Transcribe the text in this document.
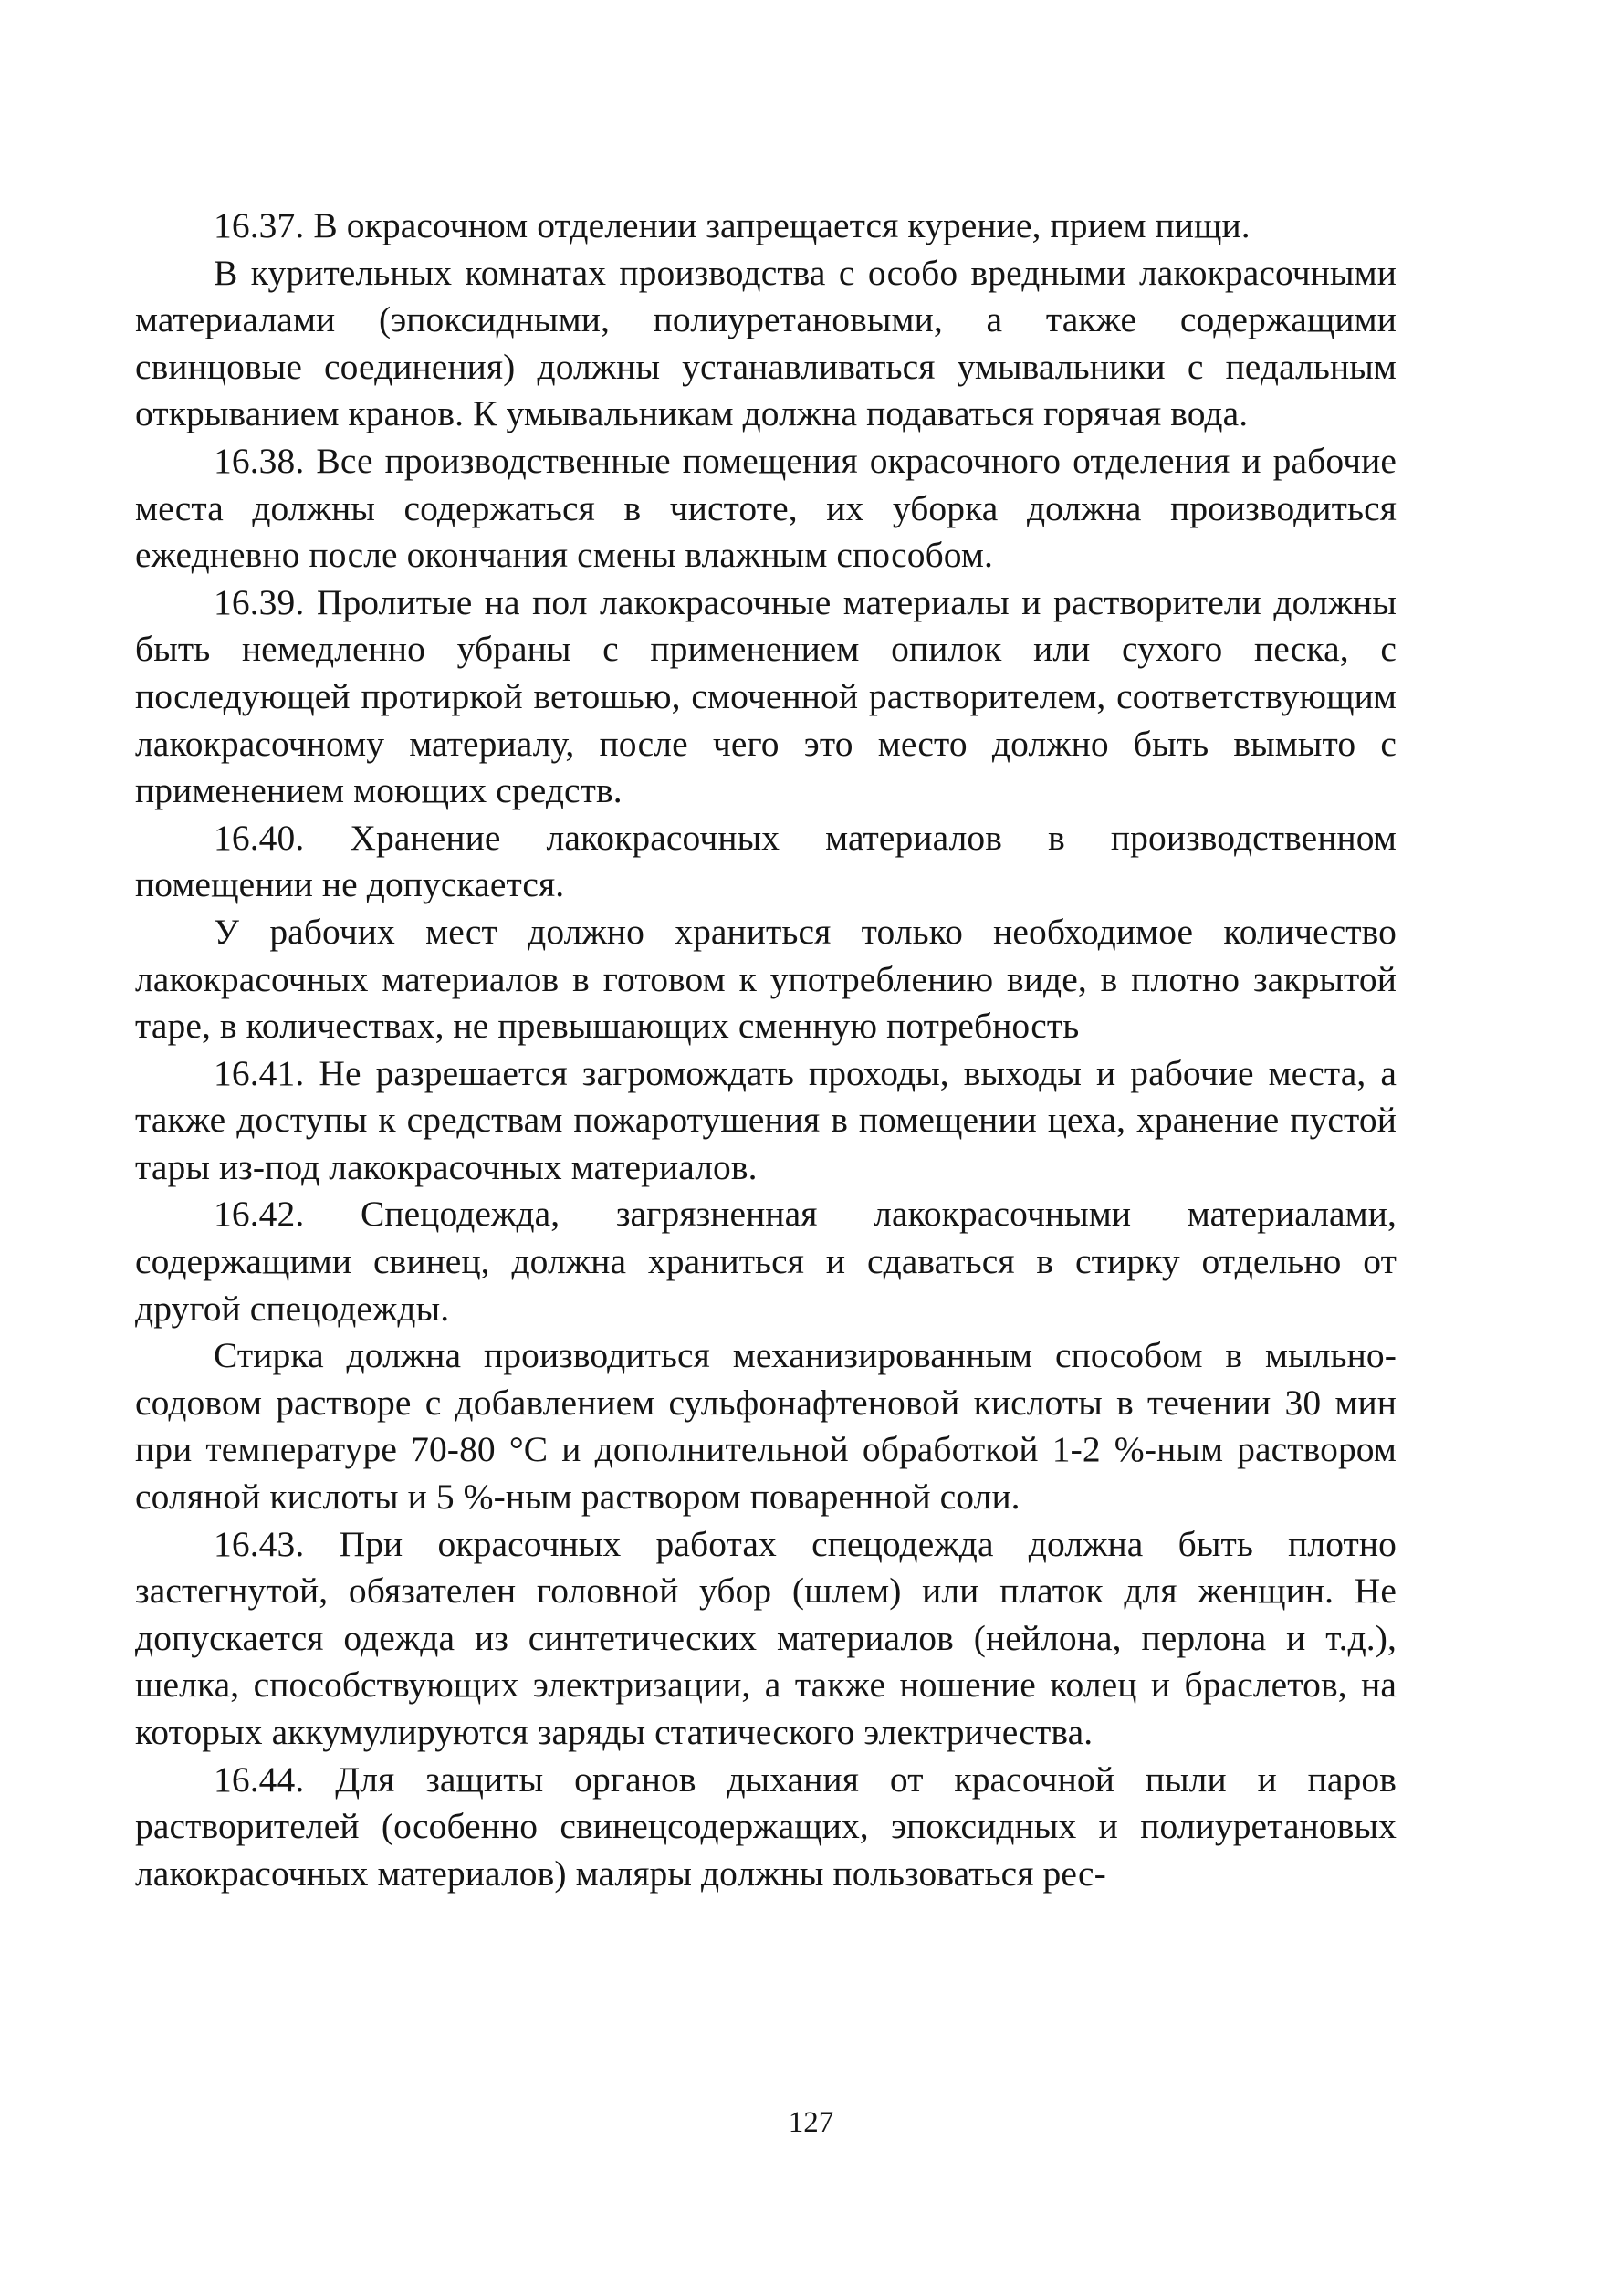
16.37. В окрасочном отделении запрещается курение, прием пищи.

В курительных комнатах производства с особо вредными лакокрасочными материалами (эпоксидными, полиуретановыми, а также содержащими свинцовые соединения) должны устанавливаться умывальники с педальным открыванием кранов. К умывальникам должна подаваться горячая вода.

16.38. Все производственные помещения окрасочного отделения и рабочие места должны содержаться в чистоте, их уборка должна производиться ежедневно после окончания смены влажным способом.

16.39. Пролитые на пол лакокрасочные материалы и растворители должны быть немедленно убраны с применением опилок или сухого песка, с последующей протиркой ветошью, смоченной растворителем, соответствующим лакокрасочному материалу, после чего это место должно быть вымыто с применением моющих средств.

16.40. Хранение лакокрасочных материалов в производственном помещении не допускается.

У рабочих мест должно храниться только необходимое количество лакокрасочных материалов в готовом к употреблению виде, в плотно закрытой таре, в количествах, не превышающих сменную потребность

16.41. Не разрешается загромождать проходы, выходы и рабочие места, а также доступы к средствам пожаротушения в помещении цеха, хранение пустой тары из-под лакокрасочных материалов.

16.42. Спецодежда, загрязненная лакокрасочными материалами, содержащими свинец, должна храниться и сдаваться в стирку отдельно от другой спецодежды.

Стирка должна производиться механизированным способом в мыльно-содовом растворе с добавлением сульфонафтеновой кислоты в течении 30 мин при температуре 70-80 °С и дополнительной обработкой 1-2 %-ным раствором соляной кислоты и 5 %-ным раствором поваренной соли.

16.43. При окрасочных работах спецодежда должна быть плотно застегнутой, обязателен головной убор (шлем) или платок для женщин. Не допускается одежда из синтетических материалов (нейлона, перлона и т.д.), шелка, способствующих электризации, а также ношение колец и браслетов, на которых аккумулируются заряды статического электричества.

16.44. Для защиты органов дыхания от красочной пыли и паров растворителей (особенно свинецсодержащих, эпоксидных и полиуретановых лакокрасочных материалов) маляры должны пользоваться рес-

127
